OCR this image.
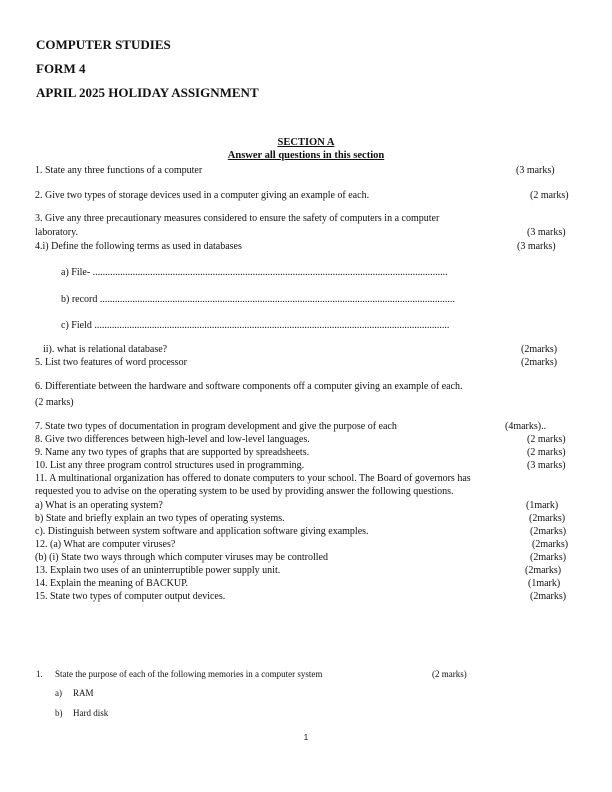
COMPUTER STUDIES
FORM 4
APRIL 2025 HOLIDAY ASSIGNMENT
SECTION A
Answer all questions in this section
1. State any three functions of a computer	(3 marks)
2. Give two types of storage devices used in a computer giving an example of each.	(2 marks)
3. Give any three precautionary measures considered to ensure the safety of computers in a computer
laboratory.	(3 marks)
4.i) Define the following terms as used in databases	(3 marks)
a) File- ..............................................................................................................................................
b) record ..............................................................................................................................................
c) Field ..............................................................................................................................................
ii). what is relational database?	(2marks)
5. List two features of word processor	(2marks)
6. Differentiate between the hardware and software components off a computer giving an example of each.
(2 marks)
7. State two types of documentation in program development and give the purpose of each	(4marks)..
8. Give two differences between high-level and low-level languages.	(2 marks)
9. Name any two types of graphs that are supported by spreadsheets.	(2 marks)
10. List any three program control structures used in programming.	(3 marks)
11. A multinational organization has offered to donate computers to your school. The Board of governors has
requested you to advise on the operating system to be used by providing answer the following questions.
a) What is an operating system?	(1mark)
b) State and briefly explain an two types of operating systems.	(2marks)
c). Distinguish between system software and application software giving examples.	(2marks)
12. (a) What are computer viruses?	(2marks)
(b) (i) State two ways through which computer viruses may be controlled	(2marks)
13. Explain two uses of an uninterruptible power supply unit.	(2marks)
14. Explain the meaning of BACKUP.	(1mark)
15. State two types of computer output devices.	(2marks)
1. State the purpose of each of the following memories in a computer system	(2 marks)
a) RAM
b) Hard disk
1
